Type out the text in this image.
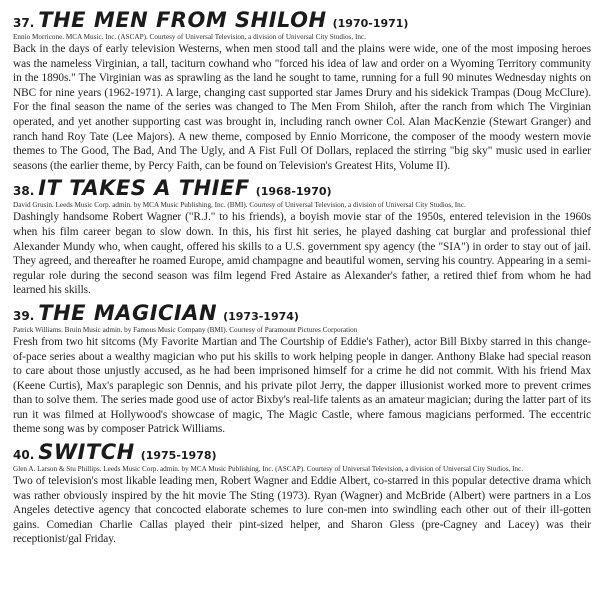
37. THE MEN FROM SHILOH (1970-1971)
Ennio Morricone. MCA Music. Inc. (ASCAP). Courtesy of Universal Television, a division of Universal City Studios, Inc.

Back in the days of early television Westerns, when men stood tall and the plains were wide, one of the most imposing heroes was the nameless Virginian, a tall, taciturn cowhand who "forced his idea of law and order on a Wyoming Territory community in the 1890s." The Virginian was as sprawling as the land he sought to tame, running for a full 90 minutes Wednesday nights on NBC for nine years (1962-1971). A large, changing cast supported star James Drury and his sidekick Trampas (Doug McClure). For the final season the name of the series was changed to The Men From Shiloh, after the ranch from which The Virginian operated, and yet another supporting cast was brought in, including ranch owner Col. Alan MacKenzie (Stewart Granger) and ranch hand Roy Tate (Lee Majors). A new theme, composed by Ennio Morricone, the composer of the moody western movie themes to The Good, The Bad, And The Ugly, and A Fist Full Of Dollars, replaced the stirring "big sky" music used in earlier seasons (the earlier theme, by Percy Faith, can be found on Television's Greatest Hits, Volume II).

38. IT TAKES A THIEF (1968-1970)
David Grusin. Leeds Music Corp. admin. by MCA Music Publishing, Inc. (BMI). Courtesy of Universal Television, a division of Universal City Studios, Inc.

Dashingly handsome Robert Wagner ("R.J." to his friends), a boyish movie star of the 1950s, entered television in the 1960s when his film career began to slow down. In this, his first hit series, he played dashing cat burglar and professional thief Alexander Mundy who, when caught, offered his skills to a U.S. government spy agency (the "SIA") in order to stay out of jail. They agreed, and thereafter he roamed Europe, amid champagne and beautiful women, serving his country. Appearing in a semi-regular role during the second season was film legend Fred Astaire as Alexander's father, a retired thief from whom he had learned his skills.

39. THE MAGICIAN (1973-1974)
Patrick Williams. Bruin Music admin. by Famous Music Company (BMI). Courtesy of Paramount Pictures Corporation

Fresh from two hit sitcoms (My Favorite Martian and The Courtship of Eddie's Father), actor Bill Bixby starred in this change-of-pace series about a wealthy magician who put his skills to work helping people in danger. Anthony Blake had special reason to care about those unjustly accused, as he had been imprisoned himself for a crime he did not commit. With his friend Max (Keene Curtis), Max's paraplegic son Dennis, and his private pilot Jerry, the dapper illusionist worked more to prevent crimes than to solve them. The series made good use of actor Bixby's real-life talents as an amateur magician; during the latter part of its run it was filmed at Hollywood's showcase of magic, The Magic Castle, where famous magicians performed. The eccentric theme song was by composer Patrick Williams.

40. SWITCH (1975-1978)
Glen A. Larson & Stu Phillips. Leeds Music Corp. admin. by MCA Music Publishing, Inc. (ASCAP). Courtesy of Universal Television, a division of Universal City Studios, Inc.

Two of television's most likable leading men, Robert Wagner and Eddie Albert, co-starred in this popular detective drama which was rather obviously inspired by the hit movie The Sting (1973). Ryan (Wagner) and McBride (Albert) were partners in a Los Angeles detective agency that concocted elaborate schemes to lure con-men into swindling each other out of their ill-gotten gains. Comedian Charlie Callas played their pint-sized helper, and Sharon Gless (pre-Cagney and Lacey) was their receptionist/gal Friday.
